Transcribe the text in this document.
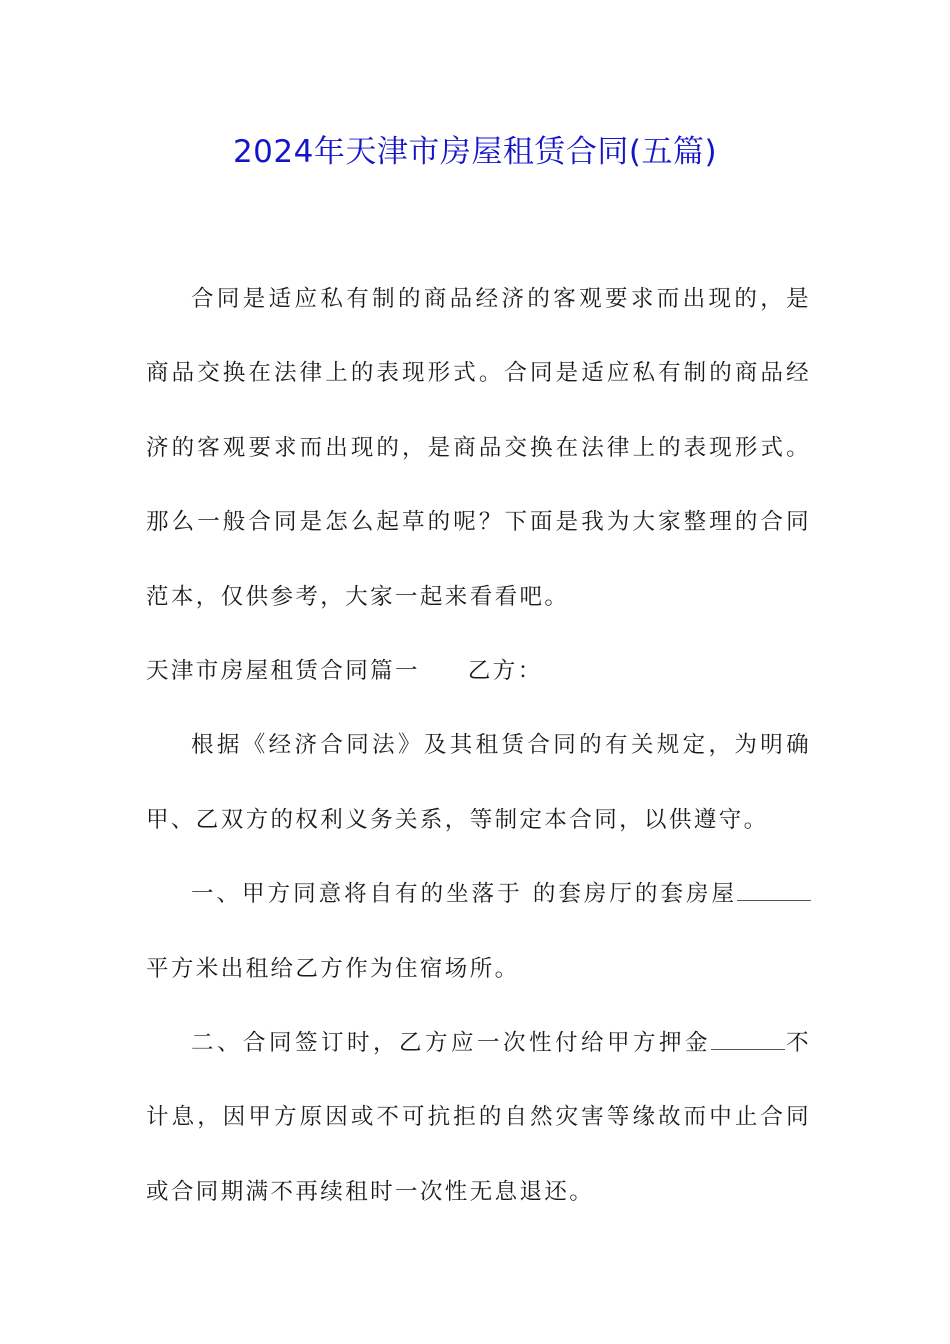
2024年天津市房屋租赁合同(五篇)

合同是适应私有制的商品经济的客观要求而出现的，是商品交换在法律上的表现形式。合同是适应私有制的商品经济的客观要求而出现的，是商品交换在法律上的表现形式。那么一般合同是怎么起草的呢？下面是我为大家整理的合同范本，仅供参考，大家一起来看看吧。

天津市房屋租赁合同篇一 乙方：

根据《经济合同法》及其租赁合同的有关规定，为明确甲、乙双方的权利义务关系，等制定本合同，以供遵守。

一、甲方同意将自有的坐落于 的套房厅的套房屋平方米出租给乙方作为住宿场所。

二、合同签订时，乙方应一次性付给甲方押金	不计息，因甲方原因或不可抗拒的自然灾害等缘故而中止合同或合同期满不再续租时一次性无息退还。
